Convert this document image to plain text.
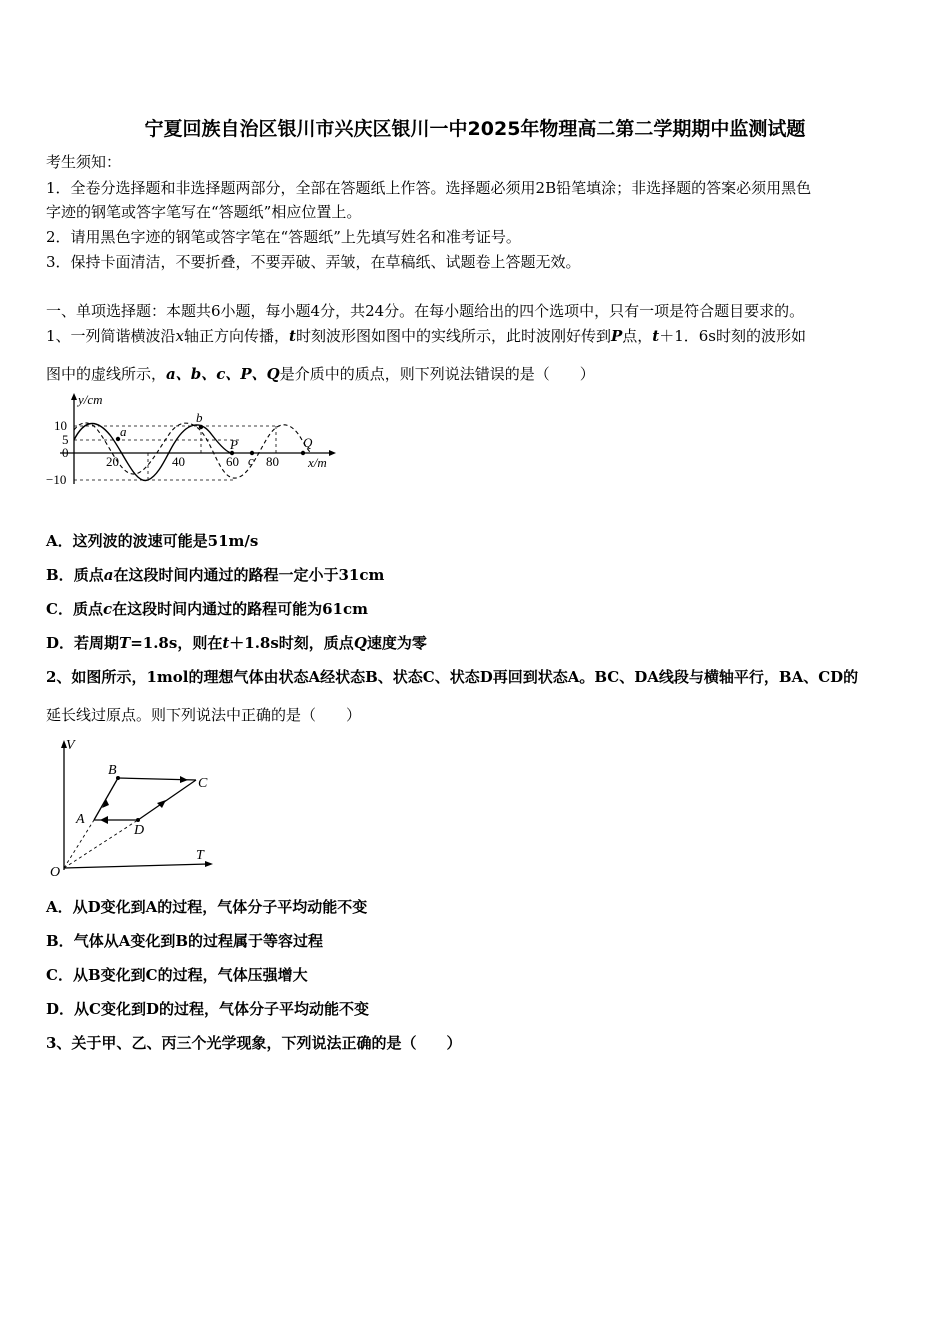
宁夏回族自治区银川市兴庆区银川一中2025年物理高二第二学期期中监测试题
考生须知：
1．全卷分选择题和非选择题两部分，全部在答题纸上作答。选择题必须用2B铅笔填涂；非选择题的答案必须用黑色
字迹的钢笔或答字笔写在“答题纸”相应位置上。
2．请用黑色字迹的钢笔或答字笔在“答题纸”上先填写姓名和准考证号。
3．保持卡面清洁，不要折叠，不要弄破、弄皱，在草稿纸、试题卷上答题无效。
一、单项选择题：本题共6小题，每小题4分，共24分。在每小题给出的四个选项中，只有一项是符合题目要求的。
1、一列简谐横波沿x轴正方向传播，t时刻波形图如图中的实线所示，此时波刚好传到P点，t＋1．6s时刻的波形如
图中的虚线所示，a、b、c、P、Q是介质中的质点，则下列说法错误的是（　　）
y/cm
x/m
10
5
0
−10
20	40	60 80
a
b
P
c
Q
A．这列波的波速可能是51m/s
B．质点a在这段时间内通过的路程一定小于31cm
C．质点c在这段时间内通过的路程可能为61cm
D．若周期T=1.8s，则在t＋1.8s时刻，质点Q速度为零
2、如图所示，1mol的理想气体由状态A经状态B、状态C、状态D再回到状态A。BC、DA线段与横轴平行，BA、CD的
延长线过原点。则下列说法中正确的是（　　）
V
T
O
A
B
C
D
A．从D变化到A的过程，气体分子平均动能不变
B．气体从A变化到B的过程属于等容过程
C．从B变化到C的过程，气体压强增大
D．从C变化到D的过程，气体分子平均动能不变
3、关于甲、乙、丙三个光学现象，下列说法正确的是（　　）
